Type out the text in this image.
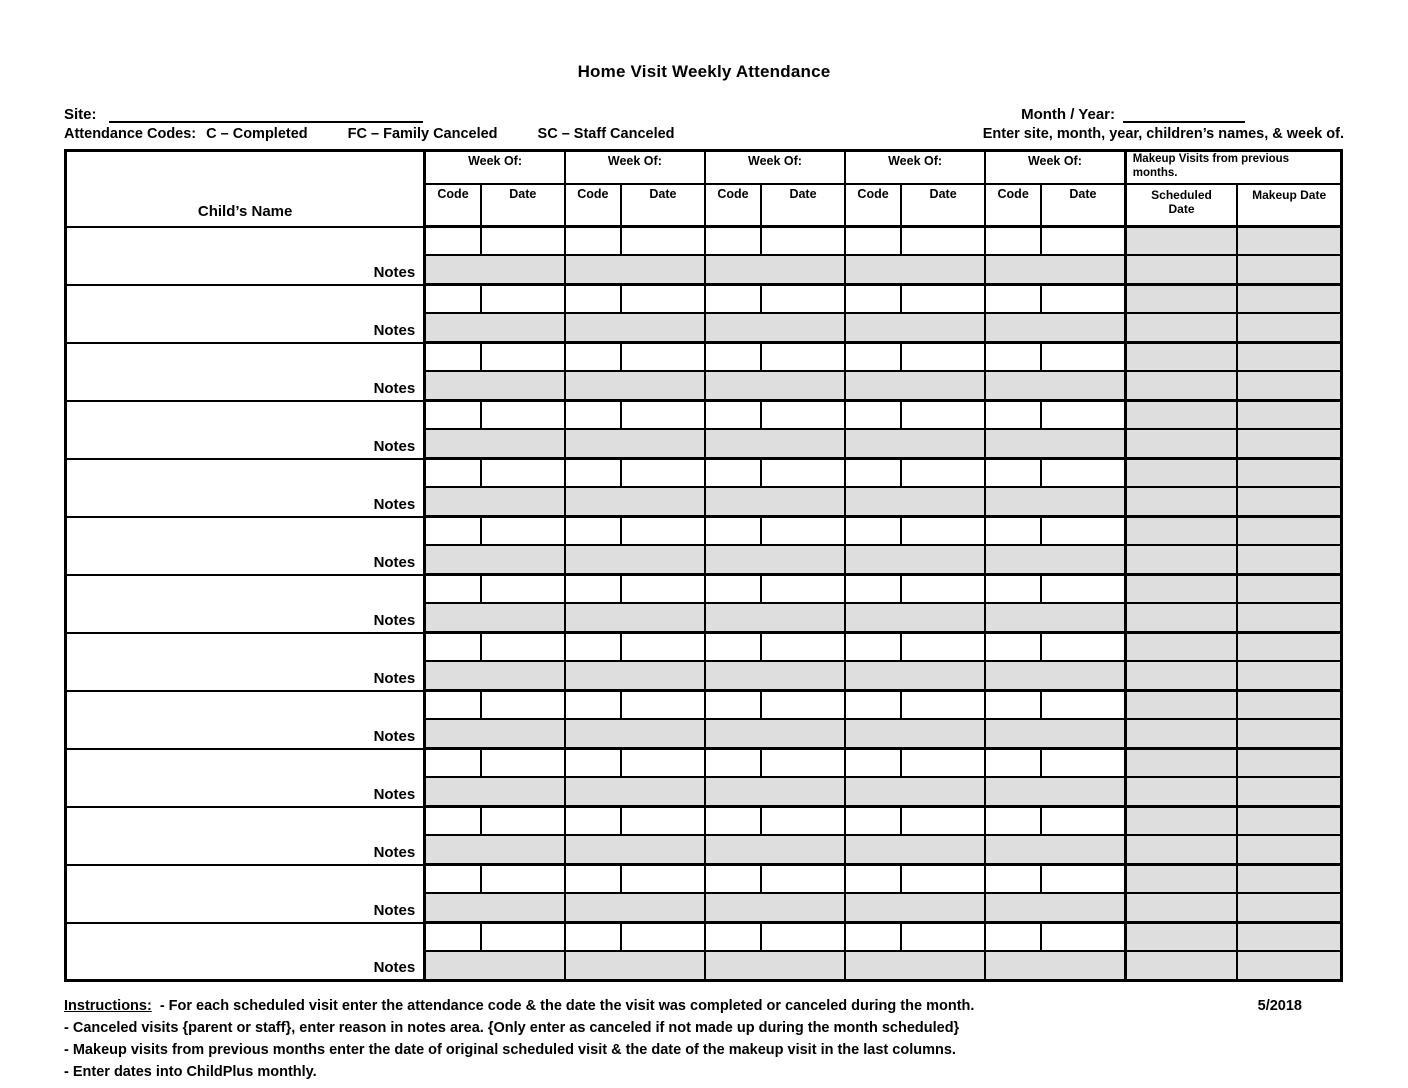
Home Visit Weekly Attendance
Site:	Month / Year:
Attendance Codes: C – Completed	FC – Family Canceled	SC – Staff Canceled	Enter site, month, year, children’s names, & week of.
Child’s Name	Week Of:		Week Of:		Week Of:		Week Of:		Week Of:		Makeup Visits from previous months.	
	Code	Date	Code	Date	Code	Date	Code	Date	Code	Date	Scheduled Date	Makeup Date
Notes												

Notes												

Notes												

Notes												

Notes												

Notes												

Notes												

Notes												

Notes												

Notes												

Notes												

Notes												

Notes												

Instructions: - For each scheduled visit enter the attendance code & the date the visit was completed or canceled during the month.	5/2018
- Canceled visits {parent or staff}, enter reason in notes area. {Only enter as canceled if not made up during the month scheduled}
- Makeup visits from previous months enter the date of original scheduled visit & the date of the makeup visit in the last columns.
- Enter dates into ChildPlus monthly.
